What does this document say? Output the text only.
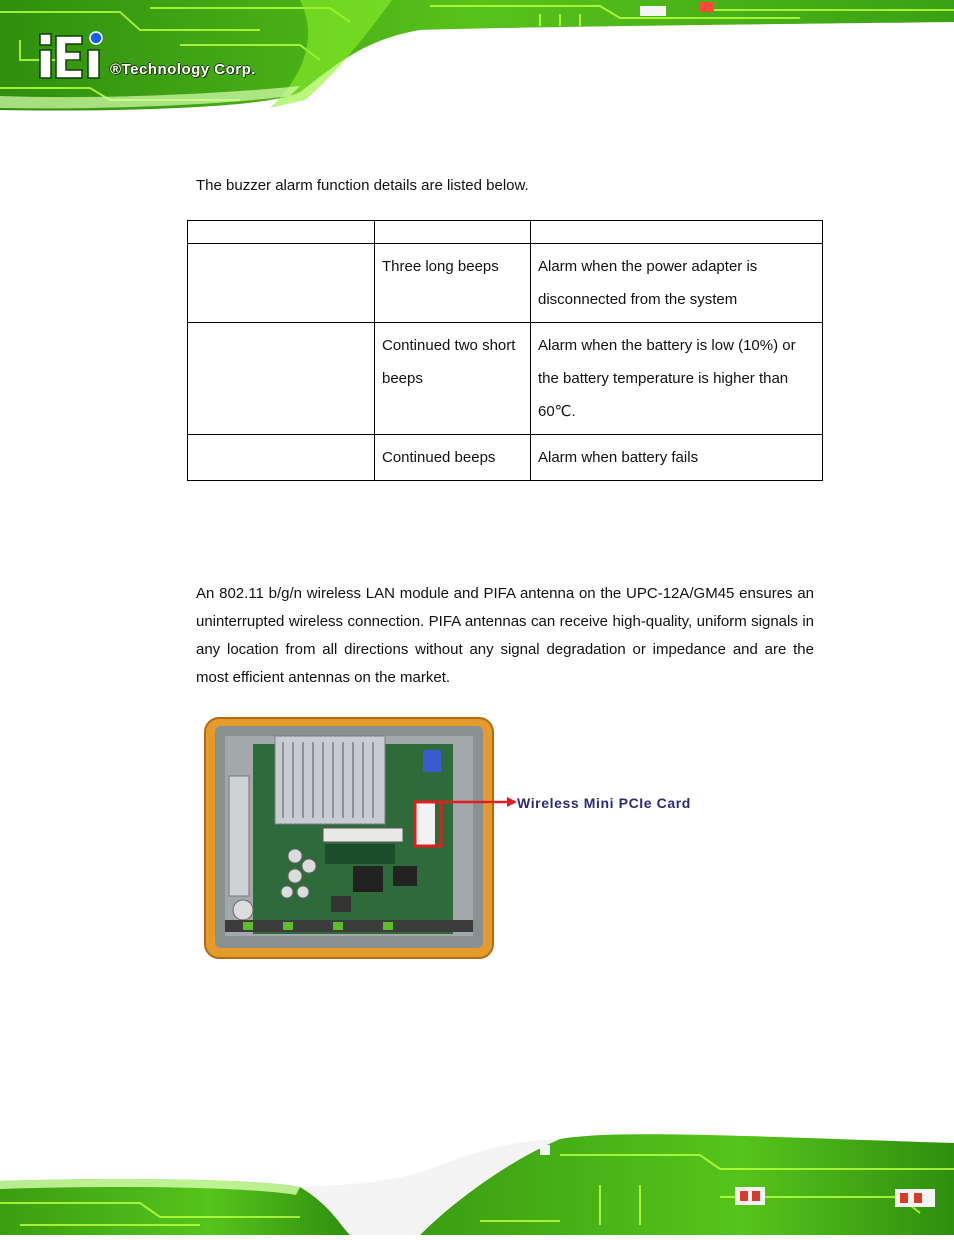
®Technology Corp.

The buzzer alarm function details are listed below.

	Three long beeps	Alarm when the power adapter is disconnected from the system
	Continued two short beeps	Alarm when the battery is low (10%) or the battery temperature is higher than 60℃.
	Continued beeps	Alarm when battery fails

An 802.11 b/g/n wireless LAN module and PIFA antenna on the UPC-12A/GM45 ensures an uninterrupted wireless connection. PIFA antennas can receive high-quality, uniform signals in any location from all directions without any signal degradation or impedance and are the most efficient antennas on the market.

Wireless Mini PCIe Card
